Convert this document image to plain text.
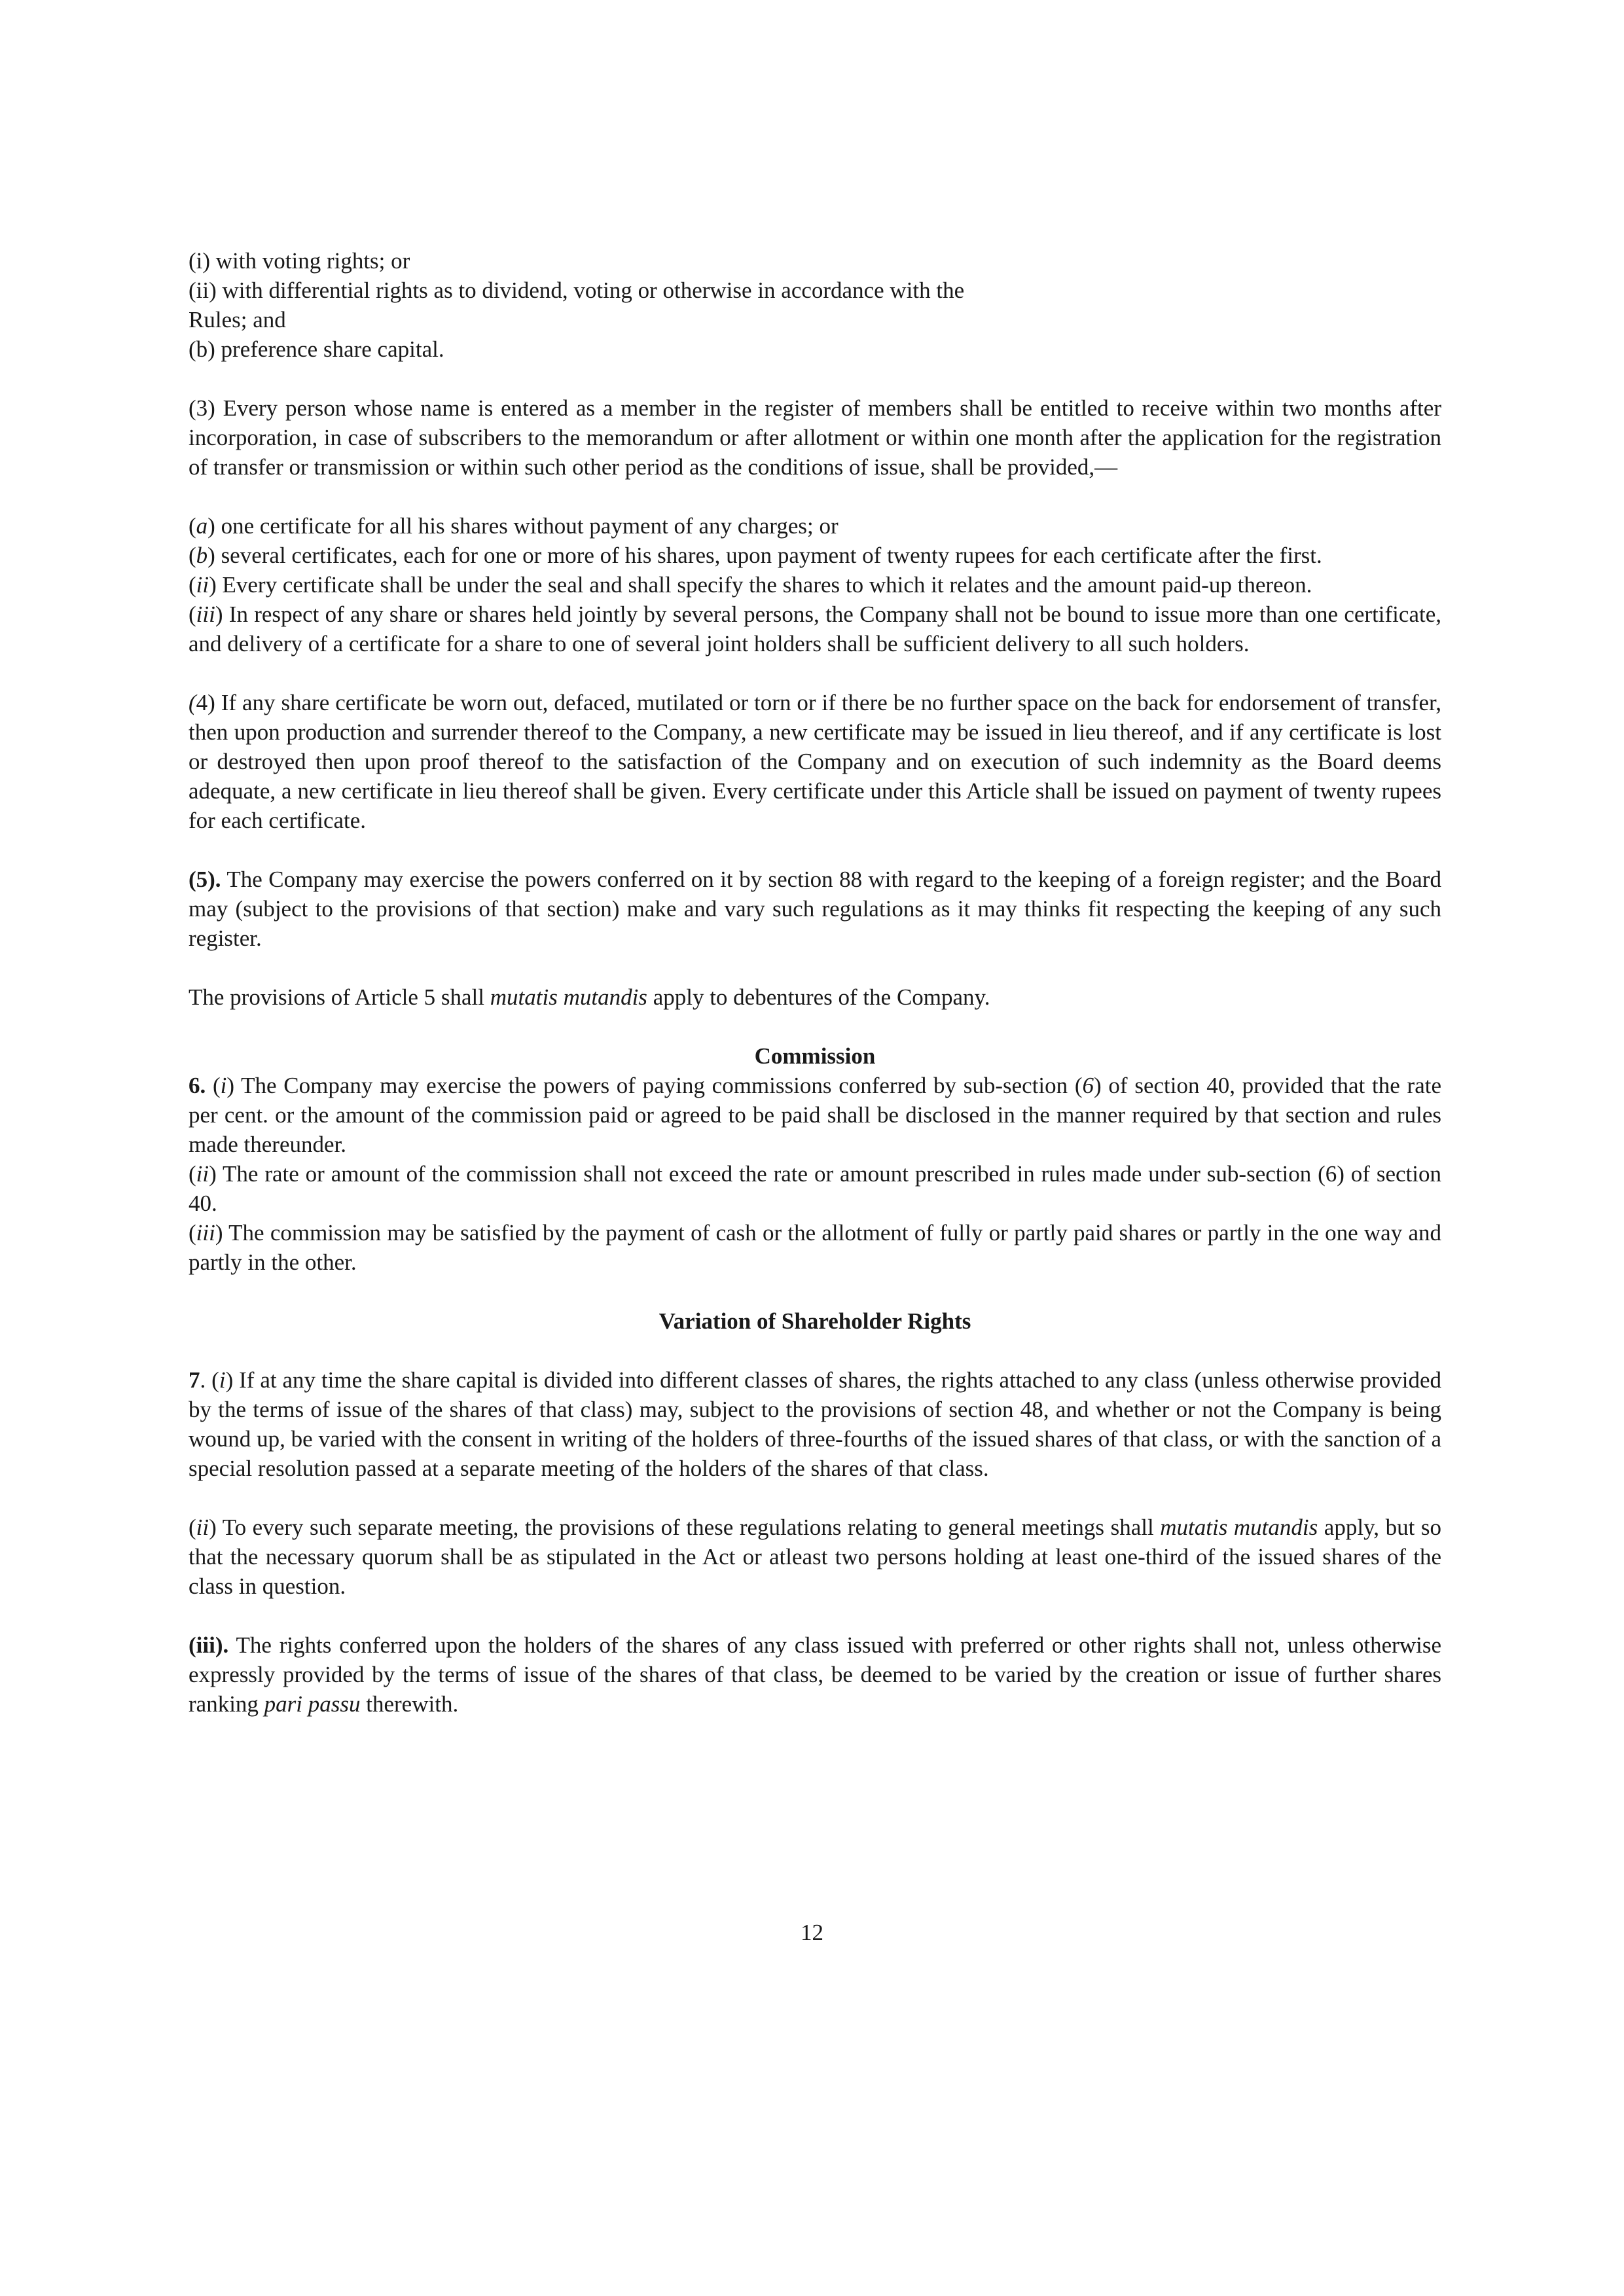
(i) with voting rights; or

(ii) with differential rights as to dividend, voting or otherwise in accordance with the

Rules; and

(b) preference share capital.

(3) Every person whose name is entered as a member in the register of members shall be entitled to receive within two months after incorporation, in case of subscribers to the memorandum or after allotment or within one month after the application for the registration of transfer or transmission or within such other period as the conditions of issue, shall be provided,—

(a) one certificate for all his shares without payment of any charges; or

(b) several certificates, each for one or more of his shares, upon payment of twenty rupees for each certificate after the first.

(ii) Every certificate shall be under the seal and shall specify the shares to which it relates and the amount paid-up thereon.

(iii) In respect of any share or shares held jointly by several persons, the Company shall not be bound to issue more than one certificate, and delivery of a certificate for a share to one of several joint holders shall be sufficient delivery to all such holders.

(4) If any share certificate be worn out, defaced, mutilated or torn or if there be no further space on the back for endorsement of transfer, then upon production and surrender thereof to the Company, a new certificate may be issued in lieu thereof, and if any certificate is lost or destroyed then upon proof thereof to the satisfaction of the Company and on execution of such indemnity as the Board deems adequate, a new certificate in lieu thereof shall be given. Every certificate under this Article shall be issued on payment of twenty rupees for each certificate.

(5). The Company may exercise the powers conferred on it by section 88 with regard to the keeping of a foreign register; and the Board may (subject to the provisions of that section) make and vary such regulations as it may thinks fit respecting the keeping of any such register.

The provisions of Article 5 shall mutatis mutandis apply to debentures of the Company.

Commission

6. (i) The Company may exercise the powers of paying commissions conferred by sub-section (6) of section 40, provided that the rate per cent. or the amount of the commission paid or agreed to be paid shall be disclosed in the manner required by that section and rules made thereunder.

(ii) The rate or amount of the commission shall not exceed the rate or amount prescribed in rules made under sub-section (6) of section 40.

(iii) The commission may be satisfied by the payment of cash or the allotment of fully or partly paid shares or partly in the one way and partly in the other.

Variation of Shareholder Rights

7. (i) If at any time the share capital is divided into different classes of shares, the rights attached to any class (unless otherwise provided by the terms of issue of the shares of that class) may, subject to the provisions of section 48, and whether or not the Company is being wound up, be varied with the consent in writing of the holders of three-fourths of the issued shares of that class, or with the sanction of a special resolution passed at a separate meeting of the holders of the shares of that class.

(ii) To every such separate meeting, the provisions of these regulations relating to general meetings shall mutatis mutandis apply, but so that the necessary quorum shall be as stipulated in the Act or atleast two persons holding at least one-third of the issued shares of the class in question.

(iii). The rights conferred upon the holders of the shares of any class issued with preferred or other rights shall not, unless otherwise expressly provided by the terms of issue of the shares of that class, be deemed to be varied by the creation or issue of further shares ranking pari passu therewith.

12
